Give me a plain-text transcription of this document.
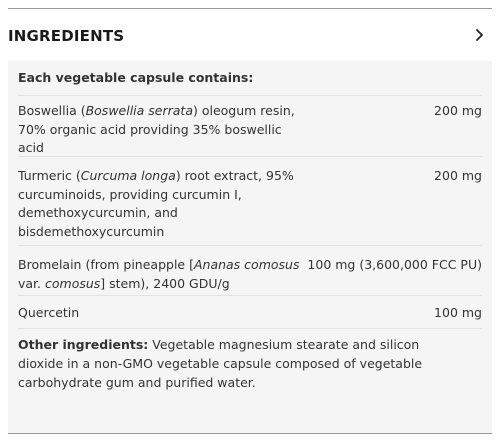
INGREDIENTS
Each vegetable capsule contains:
Boswellia (Boswellia serrata) oleogum resin, 70% organic acid providing 35% boswellic acid
200 mg
Turmeric (Curcuma longa) root extract, 95% curcuminoids, providing curcumin I, demethoxycurcumin, and bisdemethoxycurcumin
200 mg
Bromelain (from pineapple [Ananas comosus var. comosus] stem), 2400 GDU/g
100 mg (3,600,000 FCC PU)
Quercetin	100 mg
Other ingredients: Vegetable magnesium stearate and silicon dioxide in a non-GMO vegetable capsule composed of vegetable carbohydrate gum and purified water.
